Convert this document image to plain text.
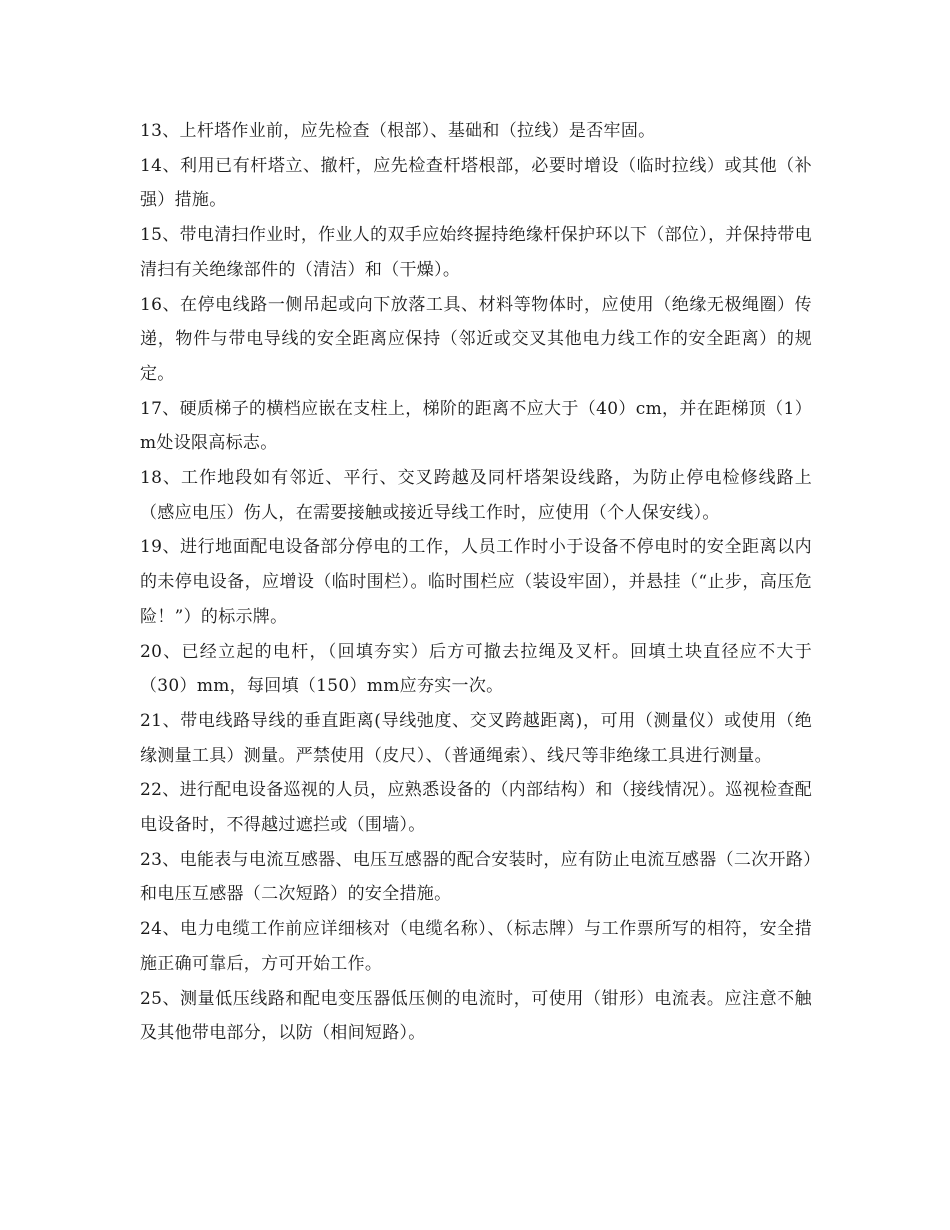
13、上杆塔作业前，应先检查（根部）、基础和（拉线）是否牢固。

14、利用已有杆塔立、撤杆，应先检查杆塔根部，必要时增设（临时拉线）或其他（补强）措施。

15、带电清扫作业时，作业人的双手应始终握持绝缘杆保护环以下（部位），并保持带电清扫有关绝缘部件的（清洁）和（干燥）。

16、在停电线路一侧吊起或向下放落工具、材料等物体时，应使用（绝缘无极绳圈）传递，物件与带电导线的安全距离应保持（邻近或交叉其他电力线工作的安全距离）的规定。

17、硬质梯子的横档应嵌在支柱上，梯阶的距离不应大于（40）cm，并在距梯顶（1）m处设限高标志。

18、工作地段如有邻近、平行、交叉跨越及同杆塔架设线路，为防止停电检修线路上（感应电压）伤人，在需要接触或接近导线工作时，应使用（个人保安线）。

19、进行地面配电设备部分停电的工作，人员工作时小于设备不停电时的安全距离以内的未停电设备，应增设（临时围栏）。临时围栏应（装设牢固），并悬挂（“止步，高压危险！”）的标示牌。

20、已经立起的电杆，（回填夯实）后方可撤去拉绳及叉杆。回填土块直径应不大于（30）mm，每回填（150）mm应夯实一次。

21、带电线路导线的垂直距离(导线弛度、交叉跨越距离)，可用（测量仪）或使用（绝缘测量工具）测量。严禁使用（皮尺）、（普通绳索）、线尺等非绝缘工具进行测量。

22、进行配电设备巡视的人员，应熟悉设备的（内部结构）和（接线情况）。巡视检查配电设备时，不得越过遮拦或（围墙）。

23、电能表与电流互感器、电压互感器的配合安装时，应有防止电流互感器（二次开路）和电压互感器（二次短路）的安全措施。

24、电力电缆工作前应详细核对（电缆名称）、（标志牌）与工作票所写的相符，安全措施正确可靠后，方可开始工作。

25、测量低压线路和配电变压器低压侧的电流时，可使用（钳形）电流表。应注意不触及其他带电部分，以防（相间短路）。
